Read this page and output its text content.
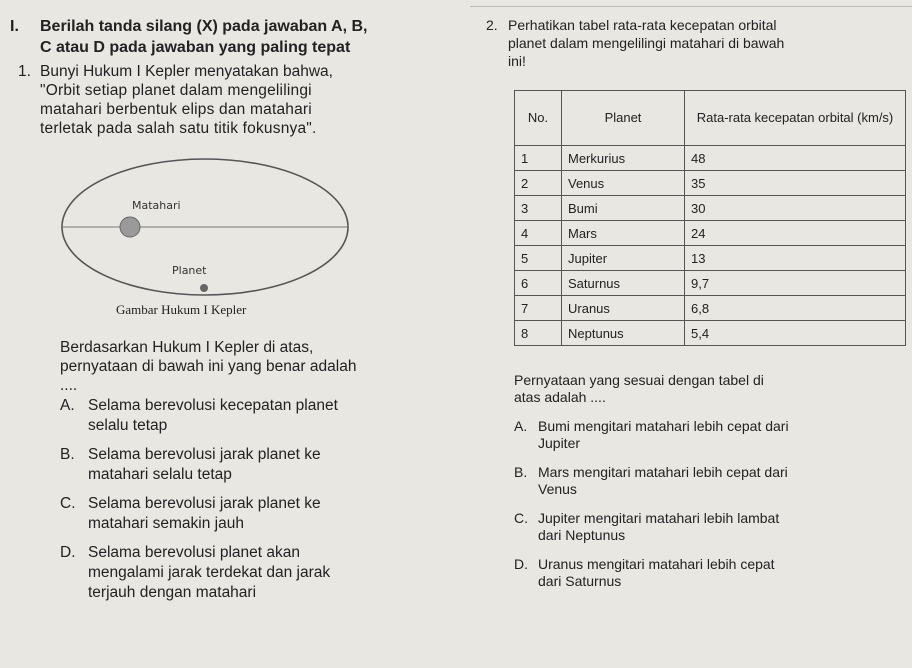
I. Berilah tanda silang (X) pada jawaban A, B,
C atau D pada jawaban yang paling tepat
1. Bunyi Hukum I Kepler menyatakan bahwa,
"Orbit setiap planet dalam mengelilingi
matahari berbentuk elips dan matahari
terletak pada salah satu titik fokusnya".
Matahari
Planet
Gambar Hukum I Kepler
Berdasarkan Hukum I Kepler di atas,
pernyataan di bawah ini yang benar adalah
....
A. Selama berevolusi kecepatan planet
selalu tetap
B. Selama berevolusi jarak planet ke
matahari selalu tetap
C. Selama berevolusi jarak planet ke
matahari semakin jauh
D. Selama berevolusi planet akan
mengalami jarak terdekat dan jarak
terjauh dengan matahari
2. Perhatikan tabel rata-rata kecepatan orbital
planet dalam mengelilingi matahari di bawah
ini!
No.	Planet	Rata-rata kecepatan orbital (km/s)
1	Merkurius	48
2	Venus	35
3	Bumi	30
4	Mars	24
5	Jupiter	13
6	Saturnus	9,7
7	Uranus	6,8
8	Neptunus	5,4
Pernyataan yang sesuai dengan tabel di
atas adalah ....
A. Bumi mengitari matahari lebih cepat dari
Jupiter
B. Mars mengitari matahari lebih cepat dari
Venus
C. Jupiter mengitari matahari lebih lambat
dari Neptunus
D. Uranus mengitari matahari lebih cepat
dari Saturnus
